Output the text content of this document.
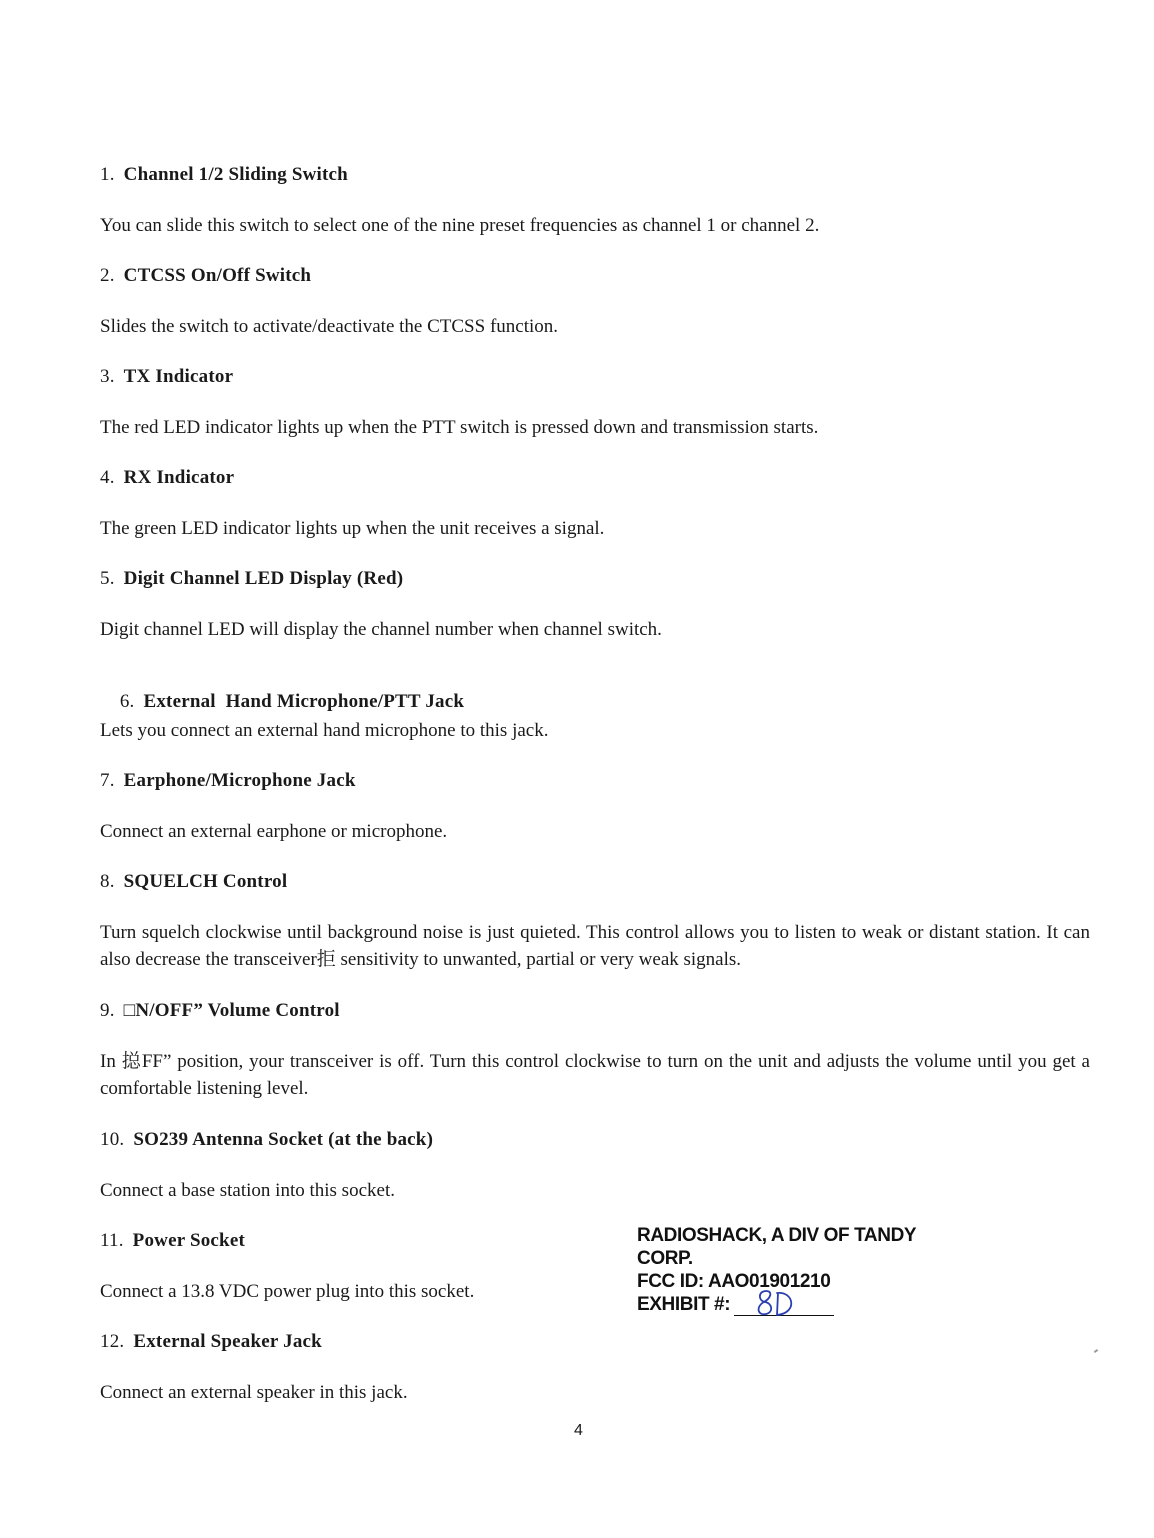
1. Channel 1/2 Sliding Switch
You can slide this switch to select one of the nine preset frequencies as channel 1 or channel 2.
2. CTCSS On/Off Switch
Slides the switch to activate/deactivate the CTCSS function.
3. TX Indicator
The red LED indicator lights up when the PTT switch is pressed down and transmission starts.
4. RX Indicator
The green LED indicator lights up when the unit receives a signal.
5. Digit Channel LED Display (Red)
Digit channel LED will display the channel number when channel switch.

6. External  Hand Microphone/PTT Jack

Lets you connect an external hand microphone to this jack.
7. Earphone/Microphone Jack
Connect an external earphone or microphone.
8. SQUELCH Control
Turn squelch clockwise until background noise is just quieted. This control allows you to listen to weak or distant station. It can also decrease the transceiver拒 sensitivity to unwanted, partial or very weak signals.
9. □N/OFF” Volume Control
In 搃FF” position, your transceiver is off. Turn this control clockwise to turn on the unit and adjusts the volume until you get a comfortable listening level.
10. SO239 Antenna Socket (at the back)
Connect a base station into this socket.
11. Power Socket
Connect a 13.8 VDC power plug into this socket.
12. External Speaker Jack
Connect an external speaker in this jack.
RADIOSHACK, A DIV OF TANDY
CORP.
FCC ID: AAO01901210
EXHIBIT #:
4
